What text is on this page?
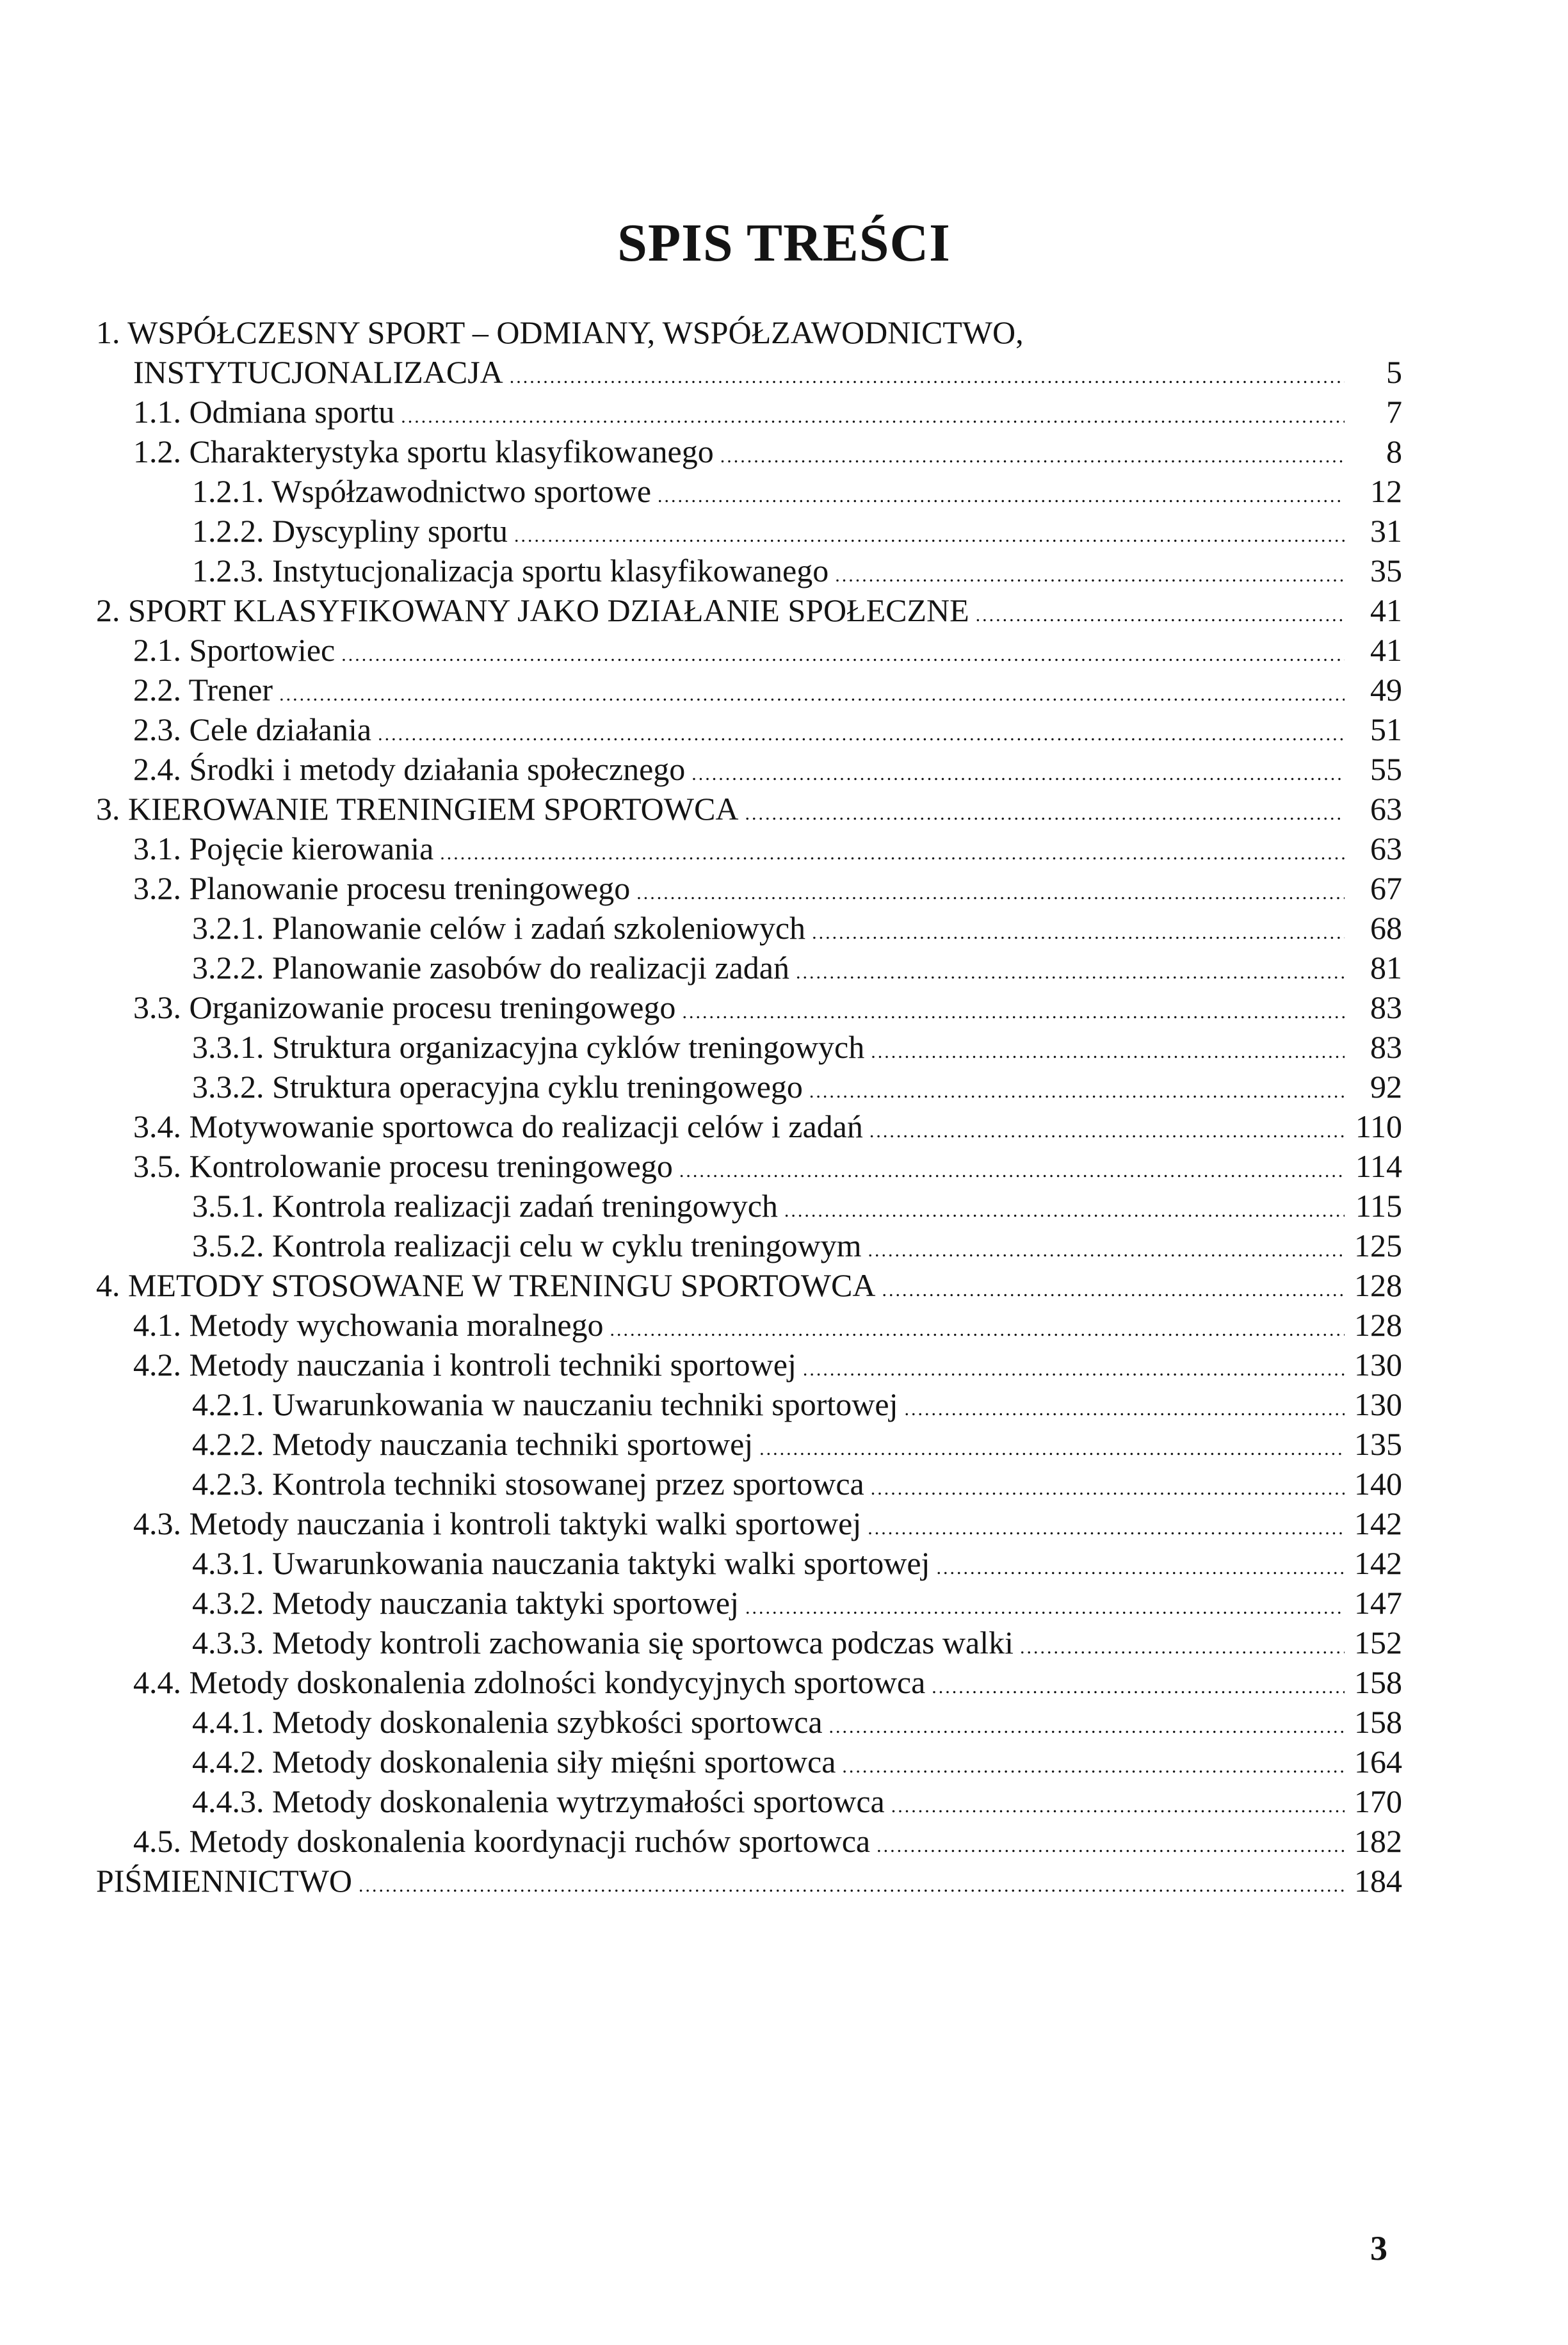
SPIS TREŚCI
1. WSPÓŁCZESNY SPORT – ODMIANY, WSPÓŁZAWODNICTWO,
INSTYTUCJONALIZACJA .....	5
1.1. Odmiana sportu .....	7
1.2. Charakterystyka sportu klasyfikowanego .....	8
1.2.1. Współzawodnictwo sportowe .....	12
1.2.2. Dyscypliny sportu .....	31
1.2.3. Instytucjonalizacja sportu klasyfikowanego .....	35
2. SPORT KLASYFIKOWANY JAKO DZIAŁANIE SPOŁECZNE .....	41
2.1. Sportowiec .....	41
2.2. Trener .....	49
2.3. Cele działania .....	51
2.4. Środki i metody działania społecznego .....	55
3. KIEROWANIE TRENINGIEM SPORTOWCA .....	63
3.1. Pojęcie kierowania .....	63
3.2. Planowanie procesu treningowego .....	67
3.2.1. Planowanie celów i zadań szkoleniowych .....	68
3.2.2. Planowanie zasobów do realizacji zadań .....	81
3.3. Organizowanie procesu treningowego .....	83
3.3.1. Struktura organizacyjna cyklów treningowych .....	83
3.3.2. Struktura operacyjna cyklu treningowego .....	92
3.4. Motywowanie sportowca do realizacji celów i zadań .....	110
3.5. Kontrolowanie procesu treningowego .....	114
3.5.1. Kontrola realizacji zadań treningowych .....	115
3.5.2. Kontrola realizacji celu w cyklu treningowym .....	125
4. METODY STOSOWANE W TRENINGU SPORTOWCA .....	128
4.1. Metody wychowania moralnego .....	128
4.2. Metody nauczania i kontroli techniki sportowej .....	130
4.2.1. Uwarunkowania w nauczaniu techniki sportowej .....	130
4.2.2. Metody nauczania techniki sportowej .....	135
4.2.3. Kontrola techniki stosowanej przez sportowca .....	140
4.3. Metody nauczania i kontroli taktyki walki sportowej .....	142
4.3.1. Uwarunkowania nauczania taktyki walki sportowej .....	142
4.3.2. Metody nauczania taktyki sportowej .....	147
4.3.3. Metody kontroli zachowania się sportowca podczas walki .....	152
4.4. Metody doskonalenia zdolności kondycyjnych sportowca .....	158
4.4.1. Metody doskonalenia szybkości sportowca .....	158
4.4.2. Metody doskonalenia siły mięśni sportowca .....	164
4.4.3. Metody doskonalenia wytrzymałości sportowca .....	170
4.5. Metody doskonalenia koordynacji ruchów sportowca .....	182
PIŚMIENNICTWO .....	184
3
